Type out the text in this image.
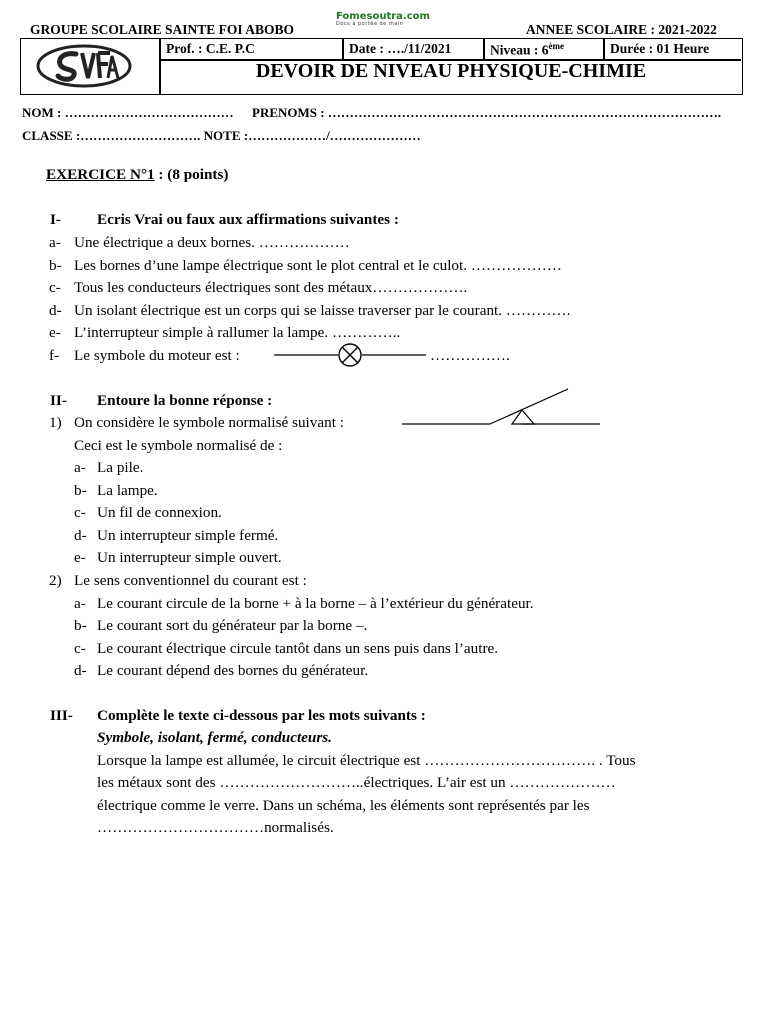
GROUPE SCOLAIRE SAINTE FOI ABOBO
Fomesoutra.com
Docs à portée de main	ANNEE SCOLAIRE : 2021-2022
Prof. : C.E. P.C	Date : …./11/2021	Niveau : 6ème	Durée : 01 Heure
DEVOIR DE NIVEAU PHYSIQUE-CHIMIE
NOM : ………………………………… PRENOMS : ……………………………………………………………………………….
CLASSE :………………………. NOTE :………………/…………………
EXERCICE N°1 : (8 points)
I- Ecris Vrai ou faux aux affirmations suivantes :
a- Une électrique a deux bornes. ………………
b- Les bornes d’une lampe électrique sont le plot central et le culot. ………………
c- Tous les conducteurs électriques sont des métaux……………….
d- Un isolant électrique est un corps qui se laisse traverser par le courant. ………….
e- L’interrupteur simple à rallumer la lampe. …………..
f- Le symbole du moteur est :	…………….
II- Entoure la bonne réponse :
1) On considère le symbole normalisé suivant :
Ceci est le symbole normalisé de :
a- La pile.
b- La lampe.
c- Un fil de connexion.
d- Un interrupteur simple fermé.
e- Un interrupteur simple ouvert.
2) Le sens conventionnel du courant est :
a- Le courant circule de la borne + à la borne – à l’extérieur du générateur.
b- Le courant sort du générateur par la borne –.
c- Le courant électrique circule tantôt dans un sens puis dans l’autre.
d- Le courant dépend des bornes du générateur.
III- Complète le texte ci-dessous par les mots suivants :
Symbole, isolant, fermé, conducteurs.
Lorsque la lampe est allumée, le circuit électrique est ……………………………. . Tous
les métaux sont des ………………………..électriques. L’air est un …………………
électrique comme le verre. Dans un schéma, les éléments sont représentés par les
……………………………normalisés.
